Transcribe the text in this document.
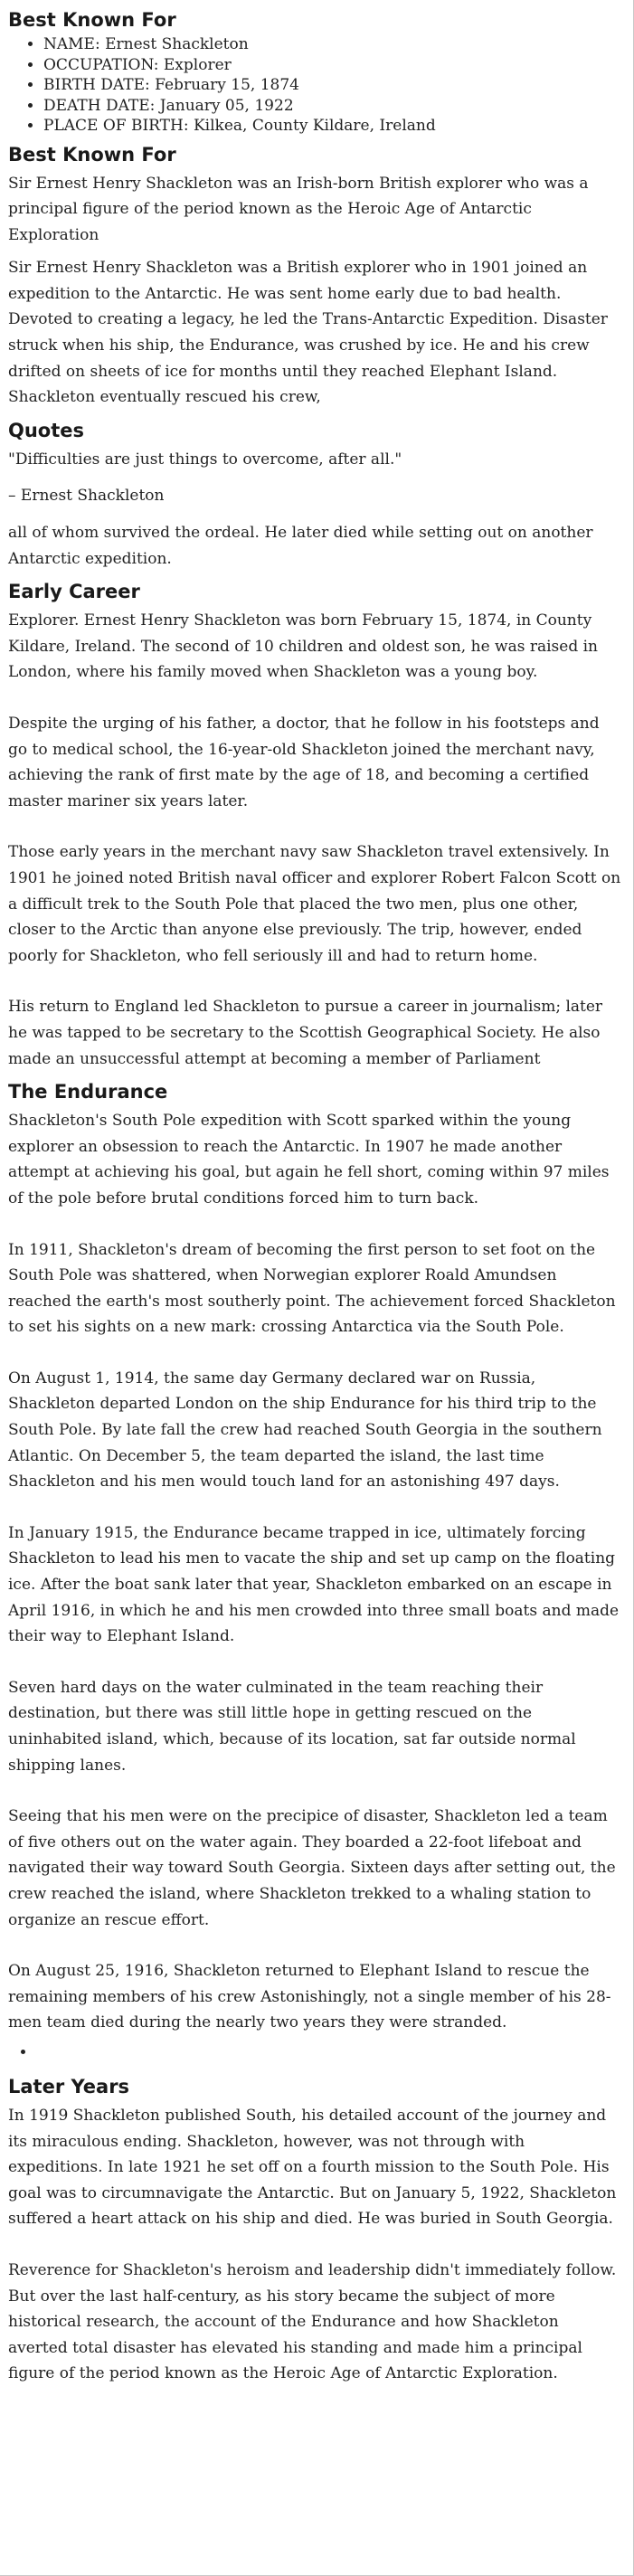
Best Known For
• NAME: Ernest Shackleton
• OCCUPATION: Explorer
• BIRTH DATE: February 15, 1874
• DEATH DATE: January 05, 1922
• PLACE OF BIRTH: Kilkea, County Kildare, Ireland
Best Known For

Sir Ernest Henry Shackleton was an Irish-born British explorer who was a principal figure of the period known as the Heroic Age of Antarctic Exploration

Sir Ernest Henry Shackleton was a British explorer who in 1901 joined an expedition to the Antarctic. He was sent home early due to bad health. Devoted to creating a legacy, he led the Trans-Antarctic Expedition. Disaster struck when his ship, the Endurance, was crushed by ice. He and his crew drifted on sheets of ice for months until they reached Elephant Island. Shackleton eventually rescued his crew,

Quotes

"Difficulties are just things to overcome, after all."

– Ernest Shackleton

all of whom survived the ordeal. He later died while setting out on another Antarctic expedition.

Early Career

Explorer. Ernest Henry Shackleton was born February 15, 1874, in County Kildare, Ireland. The second of 10 children and oldest son, he was raised in London, where his family moved when Shackleton was a young boy.

Despite the urging of his father, a doctor, that he follow in his footsteps and go to medical school, the 16-year-old Shackleton joined the merchant navy, achieving the rank of first mate by the age of 18, and becoming a certified master mariner six years later.

Those early years in the merchant navy saw Shackleton travel extensively. In 1901 he joined noted British naval officer and explorer Robert Falcon Scott on a difficult trek to the South Pole that placed the two men, plus one other, closer to the Arctic than anyone else previously. The trip, however, ended poorly for Shackleton, who fell seriously ill and had to return home.

His return to England led Shackleton to pursue a career in journalism; later he was tapped to be secretary to the Scottish Geographical Society. He also made an unsuccessful attempt at becoming a member of Parliament

The Endurance

Shackleton's South Pole expedition with Scott sparked within the young explorer an obsession to reach the Antarctic. In 1907 he made another attempt at achieving his goal, but again he fell short, coming within 97 miles of the pole before brutal conditions forced him to turn back.

In 1911, Shackleton's dream of becoming the first person to set foot on the South Pole was shattered, when Norwegian explorer Roald Amundsen reached the earth's most southerly point. The achievement forced Shackleton to set his sights on a new mark: crossing Antarctica via the South Pole.

On August 1, 1914, the same day Germany declared war on Russia, Shackleton departed London on the ship Endurance for his third trip to the South Pole. By late fall the crew had reached South Georgia in the southern Atlantic. On December 5, the team departed the island, the last time Shackleton and his men would touch land for an astonishing 497 days.

In January 1915, the Endurance became trapped in ice, ultimately forcing Shackleton to lead his men to vacate the ship and set up camp on the floating ice. After the boat sank later that year, Shackleton embarked on an escape in April 1916, in which he and his men crowded into three small boats and made their way to Elephant Island.

Seven hard days on the water culminated in the team reaching their destination, but there was still little hope in getting rescued on the uninhabited island, which, because of its location, sat far outside normal shipping lanes.

Seeing that his men were on the precipice of disaster, Shackleton led a team of five others out on the water again. They boarded a 22-foot lifeboat and navigated their way toward South Georgia. Sixteen days after setting out, the crew reached the island, where Shackleton trekked to a whaling station to organize an rescue effort.

On August 25, 1916, Shackleton returned to Elephant Island to rescue the remaining members of his crew Astonishingly, not a single member of his 28-men team died during the nearly two years they were stranded.

•
Later Years

In 1919 Shackleton published South, his detailed account of the journey and its miraculous ending. Shackleton, however, was not through with expeditions. In late 1921 he set off on a fourth mission to the South Pole. His goal was to circumnavigate the Antarctic. But on January 5, 1922, Shackleton suffered a heart attack on his ship and died. He was buried in South Georgia.

Reverence for Shackleton's heroism and leadership didn't immediately follow. But over the last half-century, as his story became the subject of more historical research, the account of the Endurance and how Shackleton averted total disaster has elevated his standing and made him a principal figure of the period known as the Heroic Age of Antarctic Exploration.
